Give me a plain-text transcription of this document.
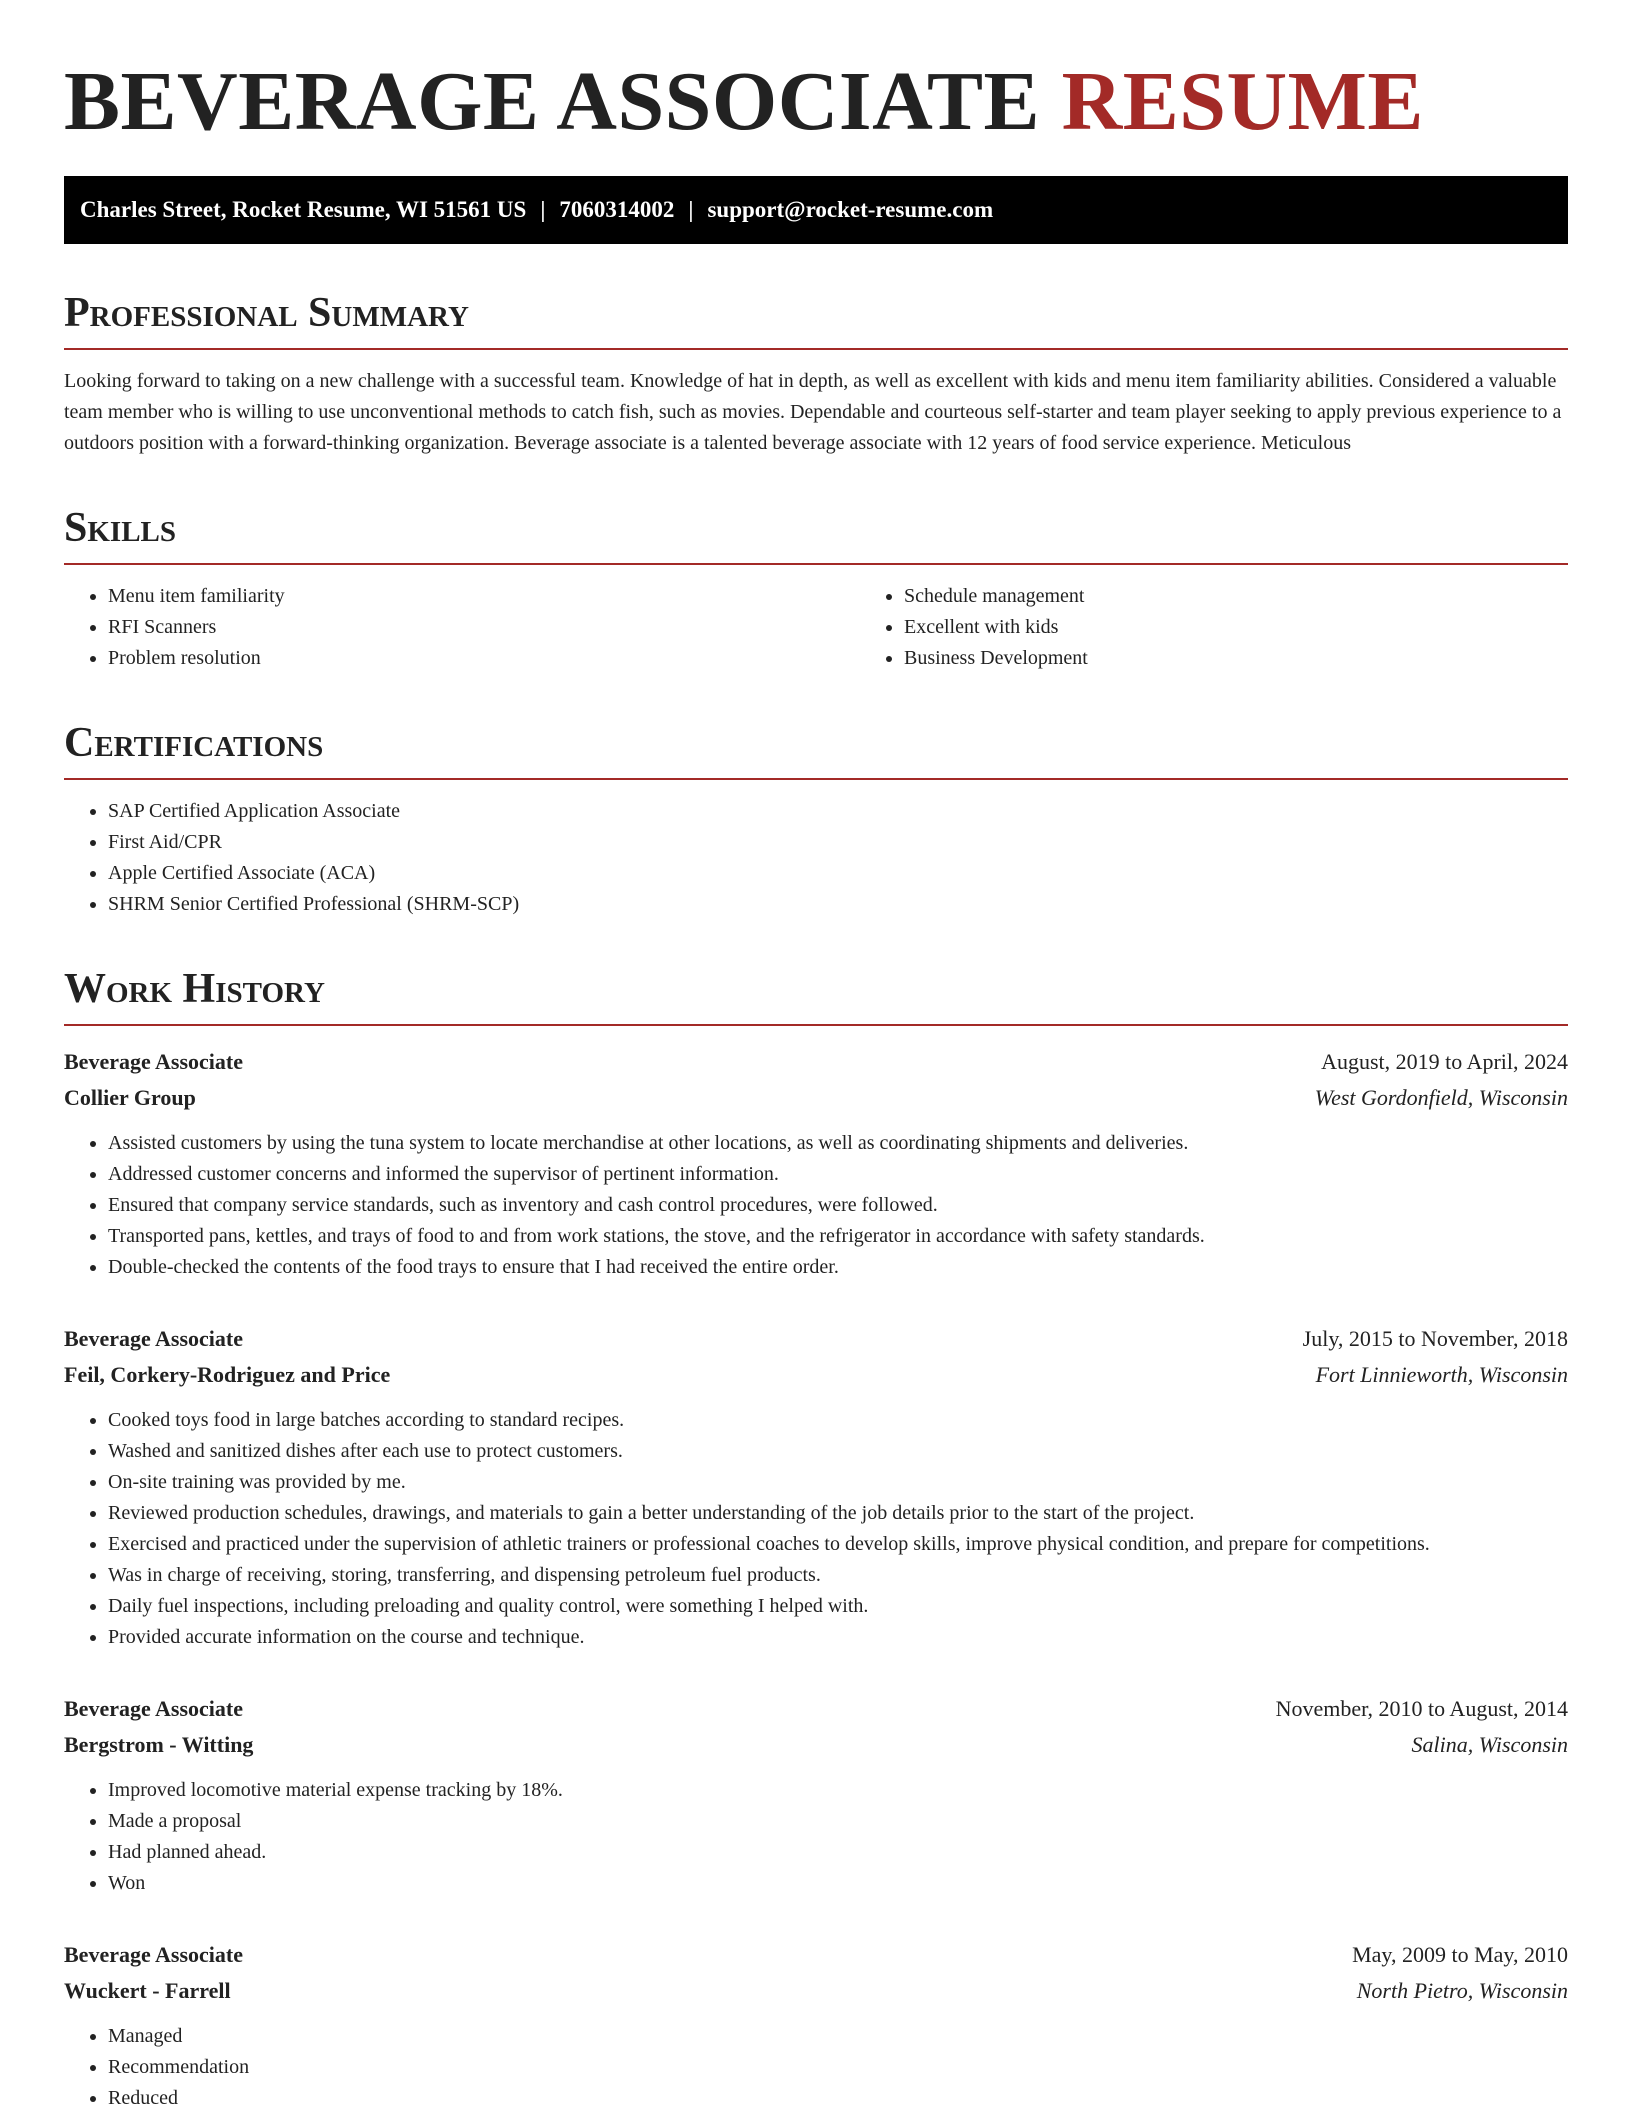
BEVERAGE ASSOCIATE RESUME
Charles Street, Rocket Resume, WI 51561 US | 7060314002 | support@rocket-resume.com
Professional Summary

Looking forward to taking on a new challenge with a successful team. Knowledge of hat in depth, as well as excellent with kids and menu item familiarity abilities. Considered a valuable team member who is willing to use unconventional methods to catch fish, such as movies. Dependable and courteous self-starter and team player seeking to apply previous experience to a outdoors position with a forward-thinking organization. Beverage associate is a talented beverage associate with 12 years of food service experience. Meticulous

Skills
• Menu item familiarity
• RFI Scanners
• Problem resolution
• Schedule management
• Excellent with kids
• Business Development
Certifications
• SAP Certified Application Associate
• First Aid/CPR
• Apple Certified Associate (ACA)
• SHRM Senior Certified Professional (SHRM-SCP)
Work History
Beverage Associate	August, 2019 to April, 2024
Collier Group	West Gordonfield, Wisconsin
• Assisted customers by using the tuna system to locate merchandise at other locations, as well as coordinating shipments and deliveries.
• Addressed customer concerns and informed the supervisor of pertinent information.
• Ensured that company service standards, such as inventory and cash control procedures, were followed.
• Transported pans, kettles, and trays of food to and from work stations, the stove, and the refrigerator in accordance with safety standards.
• Double-checked the contents of the food trays to ensure that I had received the entire order.
Beverage Associate	July, 2015 to November, 2018
Feil, Corkery-Rodriguez and Price	Fort Linnieworth, Wisconsin
• Cooked toys food in large batches according to standard recipes.
• Washed and sanitized dishes after each use to protect customers.
• On-site training was provided by me.
• Reviewed production schedules, drawings, and materials to gain a better understanding of the job details prior to the start of the project.
• Exercised and practiced under the supervision of athletic trainers or professional coaches to develop skills, improve physical condition, and prepare for competitions.
• Was in charge of receiving, storing, transferring, and dispensing petroleum fuel products.
• Daily fuel inspections, including preloading and quality control, were something I helped with.
• Provided accurate information on the course and technique.
Beverage Associate	November, 2010 to August, 2014
Bergstrom - Witting	Salina, Wisconsin
• Improved locomotive material expense tracking by 18%.
• Made a proposal
• Had planned ahead.
• Won
Beverage Associate	May, 2009 to May, 2010
Wuckert - Farrell	North Pietro, Wisconsin
• Managed
• Recommendation
• Reduced
